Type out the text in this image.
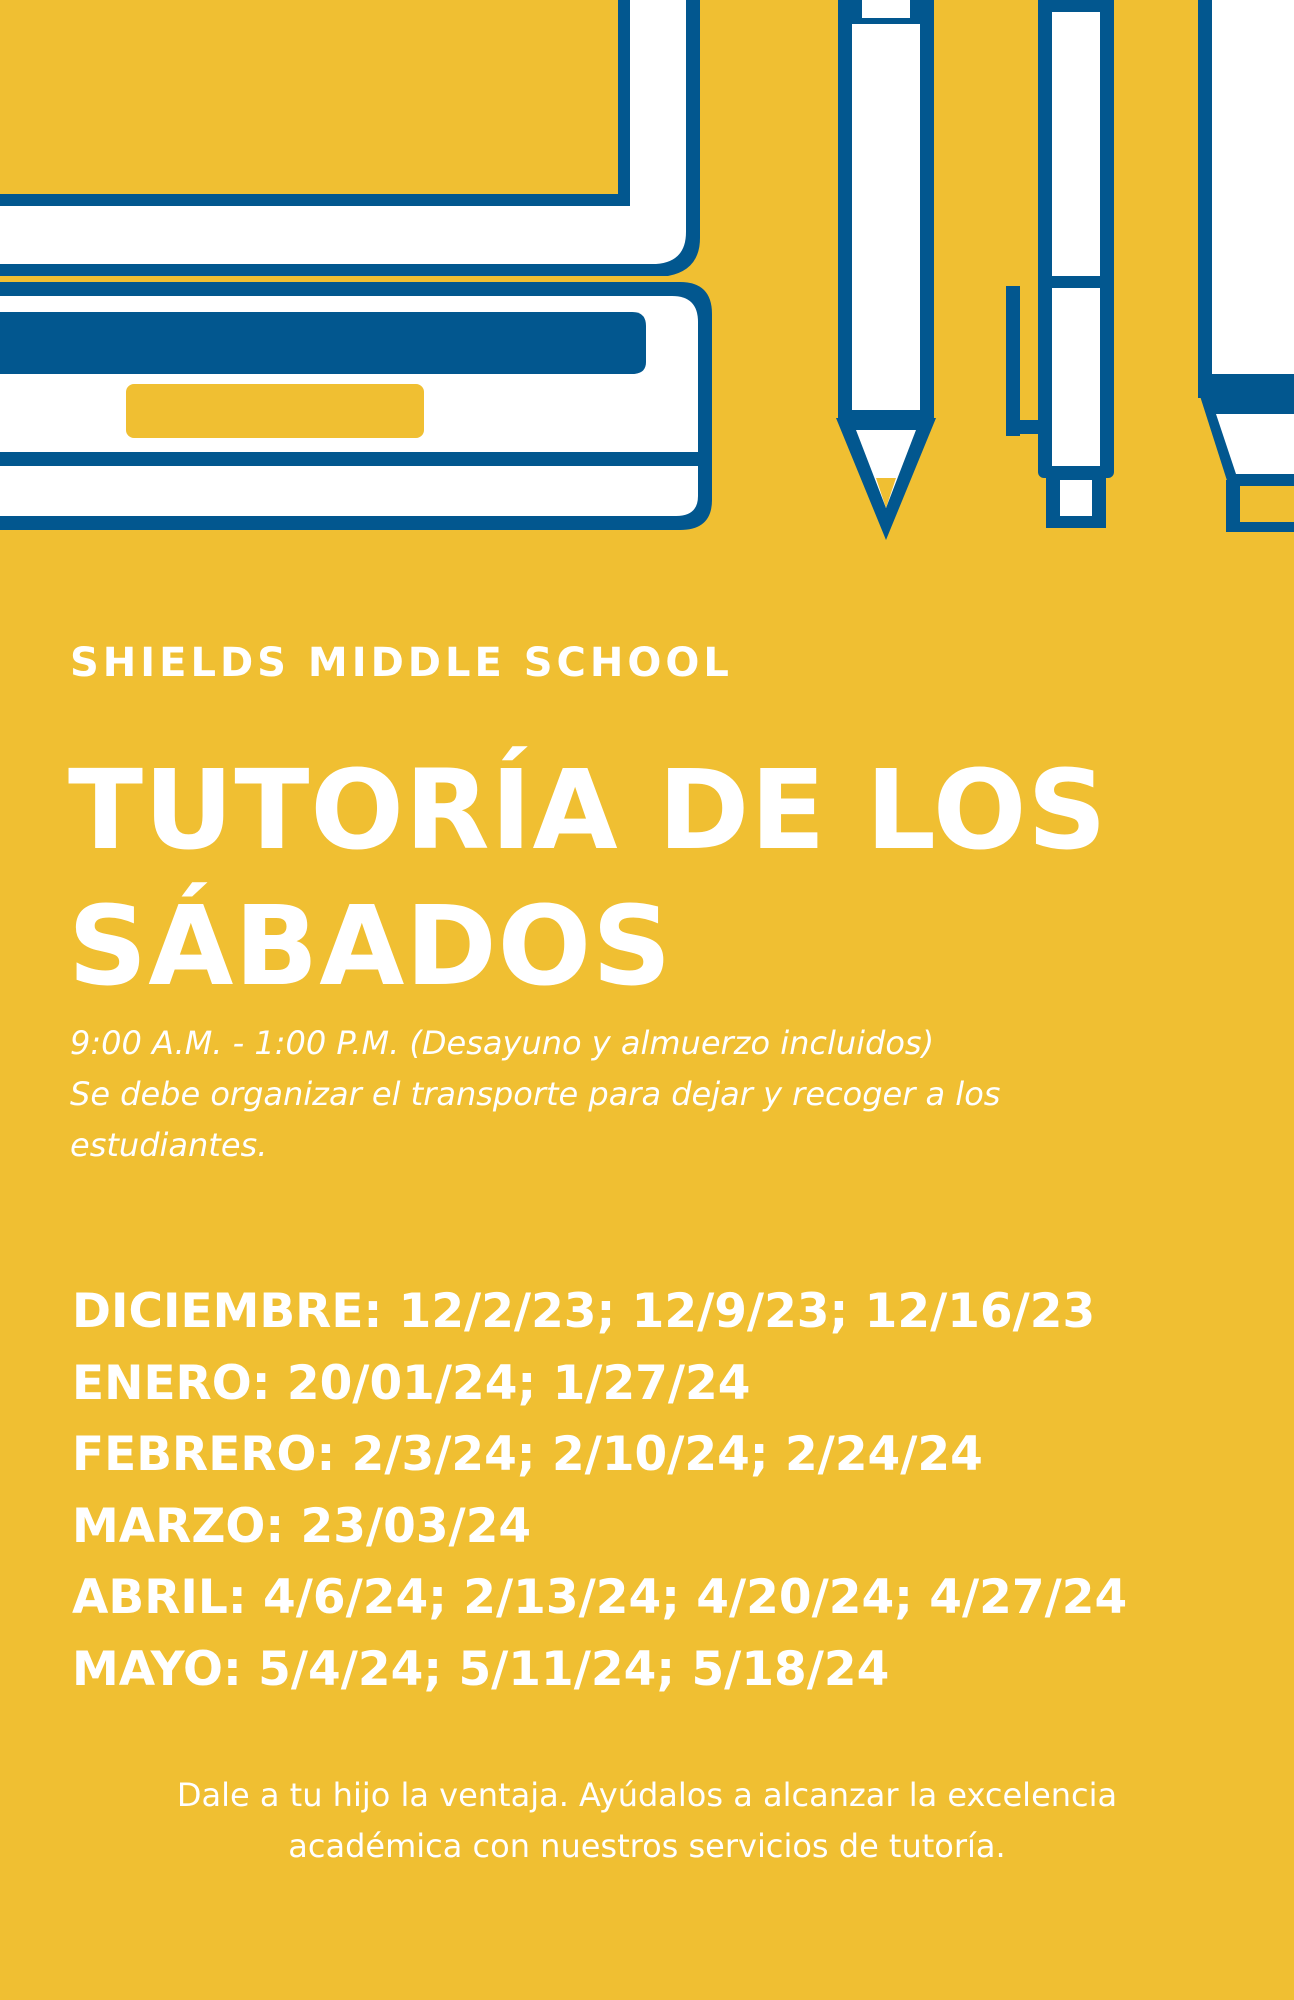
SHIELDS MIDDLE SCHOOL
TUTORÍA DE LOS
SÁBADOS
9:00 A.M. - 1:00 P.M. (Desayuno y almuerzo incluidos)
Se debe organizar el transporte para dejar y recoger a los
estudiantes.
DICIEMBRE: 12/2/23; 12/9/23; 12/16/23
ENERO: 20/01/24; 1/27/24
FEBRERO: 2/3/24; 2/10/24; 2/24/24
MARZO: 23/03/24
ABRIL: 4/6/24; 2/13/24; 4/20/24; 4/27/24
MAYO: 5/4/24; 5/11/24; 5/18/24
Dale a tu hijo la ventaja. Ayúdalos a alcanzar la excelencia
académica con nuestros servicios de tutoría.
